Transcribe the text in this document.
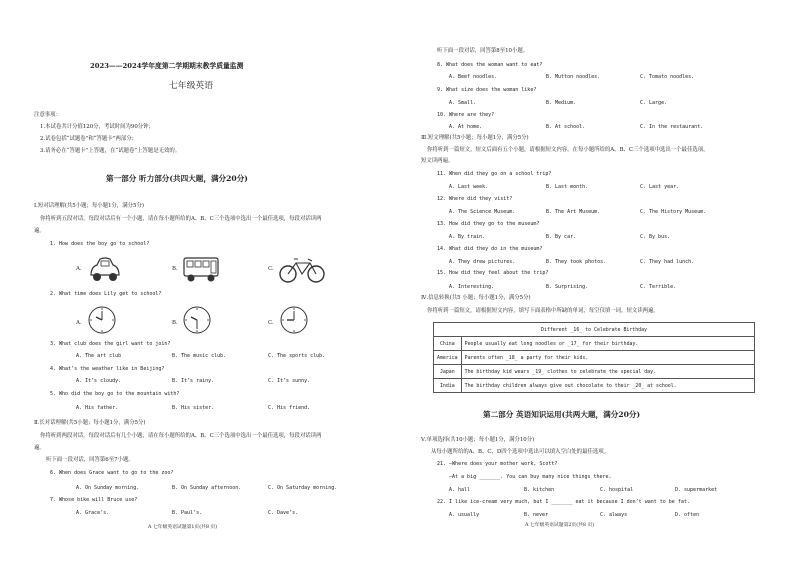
2023——2024学年度第二学期期末教学质量监测
七年级英语
注意事项：
1.本试卷共计分值120分，考试时间为90分钟；
2.试卷包括“试题卷”和“答题卡”两部分；
3.请务必在“答题卡”上答题，在“试题卷”上答题是无效的。
第一部分 听力部分(共四大题，满分20分)
Ⅰ.短对话理解(共5小题；每小题1分，满分5分)
你将听到五段对话，每段对话后有一个小题，请在每小题所给的A、B、C三个选项中选出一个最佳选项，每段对话读两
遍。
1. How does the boy go to school?
A.	B.	C.
2. What time does Lily get to school?
A.	B.	C.
3. What club does the girl want to join?
A. The art club	B. The music club.	C. The sports club.
4. What’s the weather like in Beijing?
A. It’s cloudy.	B. It’s rainy.	C. It’s sunny.
5. Who did the boy go to the mountain with?
A. His father.	B. His sister.	C. His friend.
Ⅱ.长对话理解(共5小题；每小题1分，满分5分)
你将听到两段对话，每段对话后有几个小题，请在每小题所给的A、B、C三个选项中选出一个最佳选项，每段对话读两
遍。
听下面一段对话，回答第6至7小题。
6. When does Grace want to go to the zoo?
A. On Sunday morning.	B. On Sunday afternoon.	C. On Saturday morning.
7. Whose bike will Bruce use?
A. Grace’s.	B. Paul’s.	C. Dave’s.
A 七年级英语试题第1页(共8 页)
听下面一段对话，回答第8至10小题。
8. What does the woman want to eat?
A. Beef noodles.	B. Mutton noodles.	C. Tomato noodles.
9. What size does the woman like?
A. Small.	B. Medium.	C. Large.
10. Where are they?
A. At home.	B. At school.	C. In the restaurant.
Ⅲ.短文理解(共5小题；每小题1分，满分5分)
你将听到一篇短文，短文后面有五个小题，请根据短文内容，在每小题所给的A、B、C三个选项中选出一个最佳选项，
短文读两遍。
11. When did they go on a school trip?
A. Last week.	B. Last month.	C. Last year.
12. Where did they visit?
A. The Science Museum.	B. The Art Museum.	C. The History Museum.
13. How did they go to the museum?
A. By train.	B. By car.	C. By bus.
14. What did they do in the museum?
A. They drew pictures.	B. They took photos.	C. They had lunch.
15. How did they feel about the trip?
A. Interesting.	B. Surprising.	C. Terrible.
Ⅳ.信息转换(共5 小题；每小题1分，满分5分)
你将听到一篇短文，请根据短文内容，填写下面表格中所缺的单词，每空仅填一词，短文读两遍。
Different _16_ to Celebrate Birthday	
China	People usually eat long noodles or _17_ for their birthday.
America	Parents often _18_ a party for their kids.
Japan	The birthday kid wears _19_ clothes to celebrate the special day.
India	The birthday children always give out chocolate to their _20_ at school.
第二部分 英语知识运用(共两大题，满分20分)
Ⅴ.单项选择(共10小题；每小题1分，满分10分)
从每小题所给的A、B、C、D四个选项中选出可以填入空白处的最佳选项。
21. —Where does your mother work, Scott?
—At a big _______. You can buy many nice things there.
A. hall	B. kitchen	C. hospital	D. supermarket
22. I like ice-cream very much, but I _______ eat it because I don’t want to be fat.
A. usually	B. never	C. always	D. often
A 七年级英语试题第2页(共8 页)
